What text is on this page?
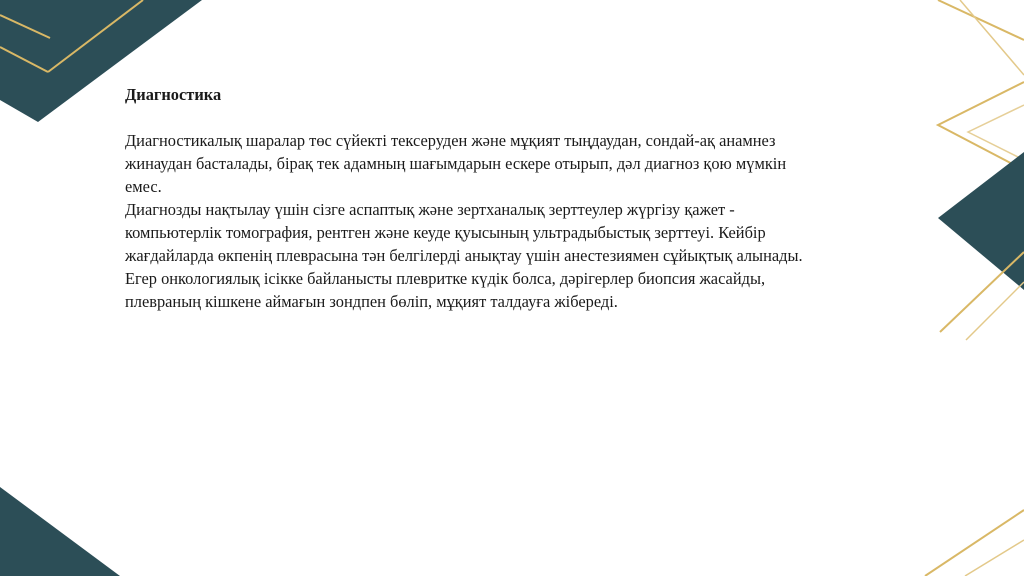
Диагностика

Диагностикалық шаралар төс сүйекті тексеруден және мұқият тыңдаудан, сондай-ақ анамнез
жинаудан басталады, бірақ тек адамның шағымдарын ескере отырып, дәл диагноз қою мүмкін
емес.

Диагнозды нақтылау үшін сізге аспаптық және зертханалық зерттеулер жүргізу қажет -
компьютерлік томография, рентген және кеуде қуысының ультрадыбыстық зерттеуі. Кейбір
жағдайларда өкпенің плеврасына тән белгілерді анықтау үшін анестезиямен сұйықтық алынады.
Егер онкологиялық ісікке байланысты плевритке күдік болса, дәрігерлер биопсия жасайды,
плевраның кішкене аймағын зондпен бөліп, мұқият талдауға жібереді.
